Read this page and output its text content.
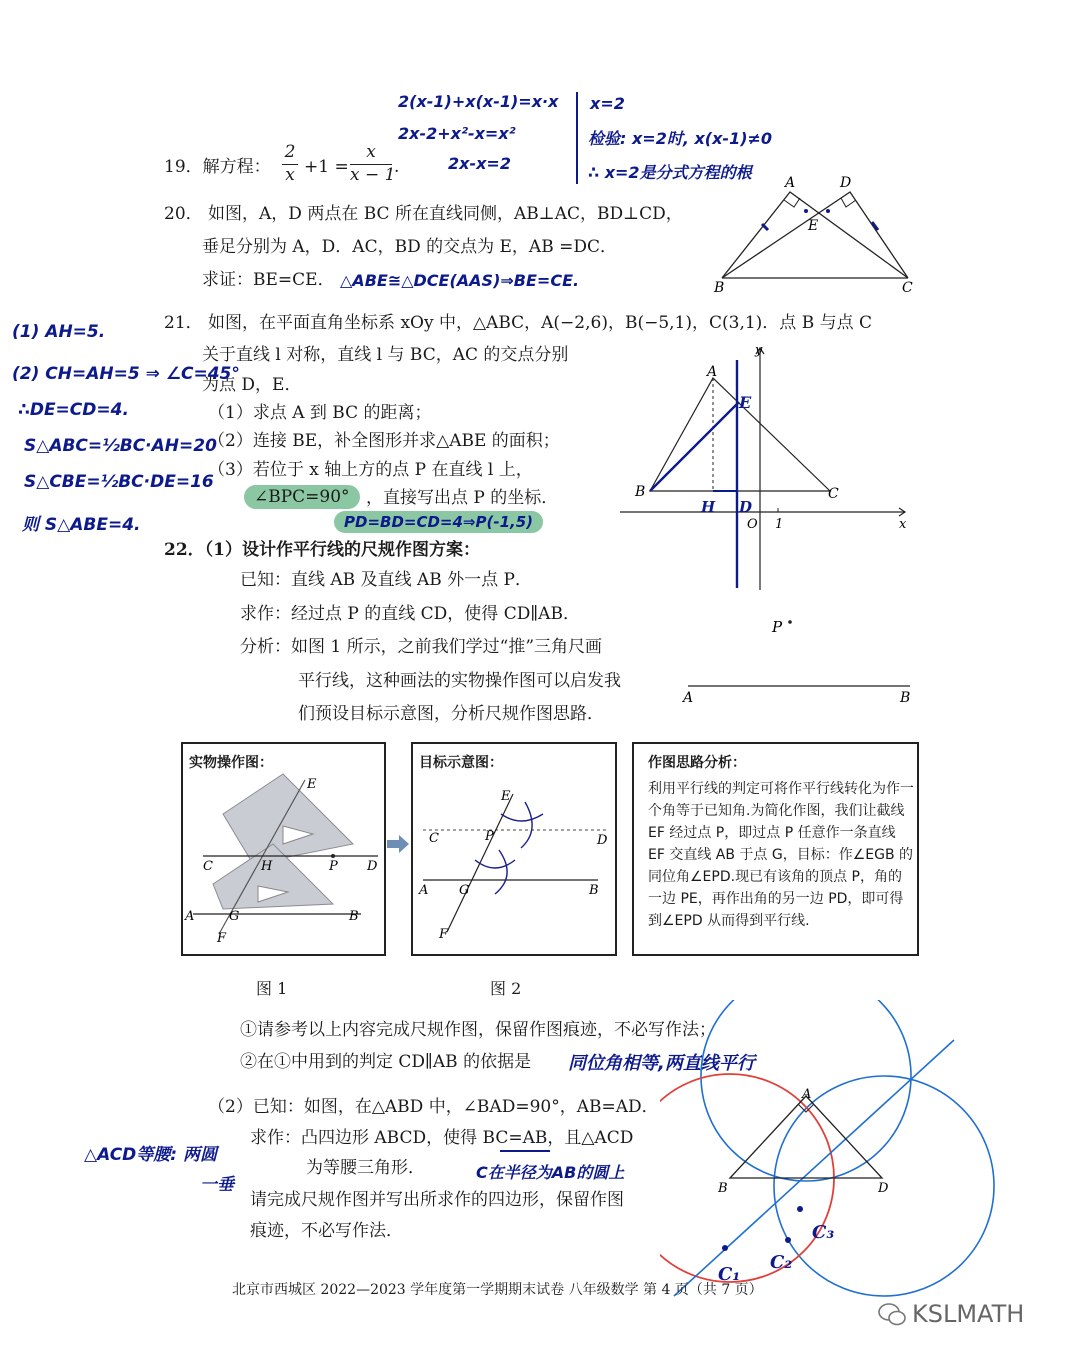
2(x-1)+x(x-1)=x·x
2x-2+x²-x=x²
2x-x=2
x=2
检验: x=2时, x(x-1)≠0
∴ x=2是分式方程的根
19．解方程： $\frac{2}{x} +1 = \frac{x}{x - 1}$ .
20． 如图，A，D 两点在 BC 所在直线同侧，AB⊥AC，BD⊥CD，
垂足分别为 A，D．AC，BD 的交点为 E，AB =DC．
求证：BE=CE． △ABE≅△DCE(AAS)⇒BE=CE.
A	D
E
B	C
21． 如图，在平面直角坐标系 xOy 中，△ABC，A(−2,6)，B(−5,1)，C(3,1)．点 B 与点 C
关于直线 l 对称，直线 l 与 BC，AC 的交点分别
为点 D，E．
（1）求点 A 到 BC 的距离；
（2）连接 BE，补全图形并求△ABE 的面积；
（3）若位于 x 轴上方的点 P 在直线 l 上，
∠BPC=90° ，直接写出点 P 的坐标．
PD=BD=CD=4⇒P(-1,5)
(1) AH=5.
(2) CH=AH=5 ⇒ ∠C=45°
∴DE=CD=4.
S△ABC=½BC·AH=20
S△CBE=½BC·DE=16
则 S△ABE=4.
y
A
E
B	C
H D
O 1	x
22．（1）设计作平行线的尺规作图方案：
已知：直线 AB 及直线 AB 外一点 P．
求作：经过点 P 的直线 CD，使得 CD∥AB．
分析：如图 1 所示，之前我们学过“推”三角尺画
平行线，这种画法的实物操作图可以启发我
们预设目标示意图，分析尺规作图思路．
P
A	B
实物操作图：
E
C	H	P D
A	G	B
F
目标示意图：
E
C	P	D
A G	B
F
作图思路分析：
利用平行线的判定可将作平行线转化为作一个角等于已知角.为简化作图，我们让截线 EF 经过点 P，即过点 P 任意作一条直线 EF 交直线 AB 于点 G，目标：作∠EGB 的同位角∠EPD.现已有该角的顶点 P，角的一边 PE，再作出角的另一边 PD，即可得到∠EPD 从而得到平行线.
图 1	图 2
①请参考以上内容完成尺规作图，保留作图痕迹，不必写作法；
②在①中用到的判定 CD∥AB 的依据是 同位角相等,两直线平行
（2）已知：如图，在△ABD 中，∠BAD=90°，AB=AD．
求作：凸四边形 ABCD，使得 BC=AB，且△ACD
为等腰三角形．
请完成尺规作图并写出所求作的四边形，保留作图
痕迹，不必写作法．
△ACD等腰: 两圆
一垂
C在半径为AB的圆上
A
B	D
C₁
C₂
C₃
北京市西城区 2022—2023 学年度第一学期期末试卷 八年级数学 第 4 页（共 7 页）
KSLMATH
